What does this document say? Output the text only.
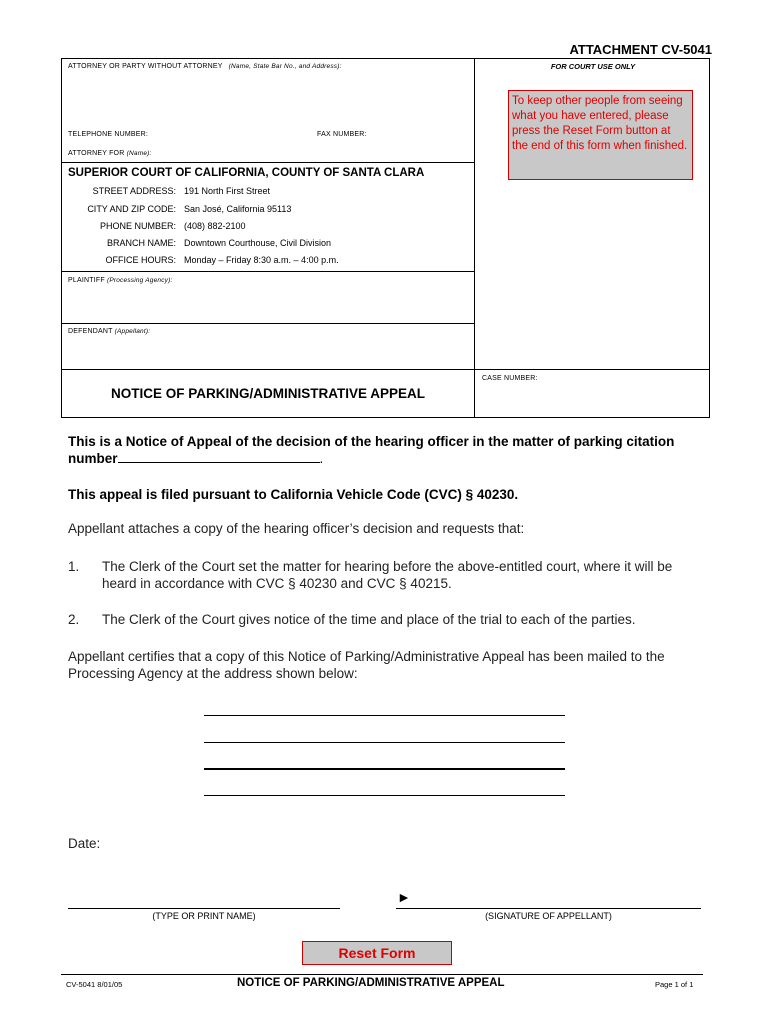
ATTACHMENT CV-5041
ATTORNEY OR PARTY WITHOUT ATTORNEY (Name, State Bar No., and Address):
TELEPHONE NUMBER:	FAX NUMBER:
ATTORNEY FOR (Name):
FOR COURT USE ONLY
To keep other people from seeing what you have entered, please press the Reset Form button at the end of this form when finished.
SUPERIOR COURT OF CALIFORNIA, COUNTY OF SANTA CLARA
STREET ADDRESS: 191 North First Street
CITY AND ZIP CODE: San José, California 95113
PHONE NUMBER: (408) 882-2100
BRANCH NAME: Downtown Courthouse, Civil Division
OFFICE HOURS: Monday – Friday 8:30 a.m. – 4:00 p.m.
PLAINTIFF (Processing Agency):
DEFENDANT (Appellant):
NOTICE OF PARKING/ADMINISTRATIVE APPEAL
CASE NUMBER:
This is a Notice of Appeal of the decision of the hearing officer in the matter of parking citation number	.
This appeal is filed pursuant to California Vehicle Code (CVC) § 40230.
Appellant attaches a copy of the hearing officer’s decision and requests that:
1. The Clerk of the Court set the matter for hearing before the above-entitled court, where it will be heard in accordance with CVC § 40230 and CVC § 40215.
2. The Clerk of the Court gives notice of the time and place of the trial to each of the parties.
Appellant certifies that a copy of this Notice of Parking/Administrative Appeal has been mailed to the Processing Agency at the address shown below:
Date:
(TYPE OR PRINT NAME)
►
(SIGNATURE OF APPELLANT)
Reset Form
CV-5041 8/01/05	NOTICE OF PARKING/ADMINISTRATIVE APPEAL	Page 1 of 1
